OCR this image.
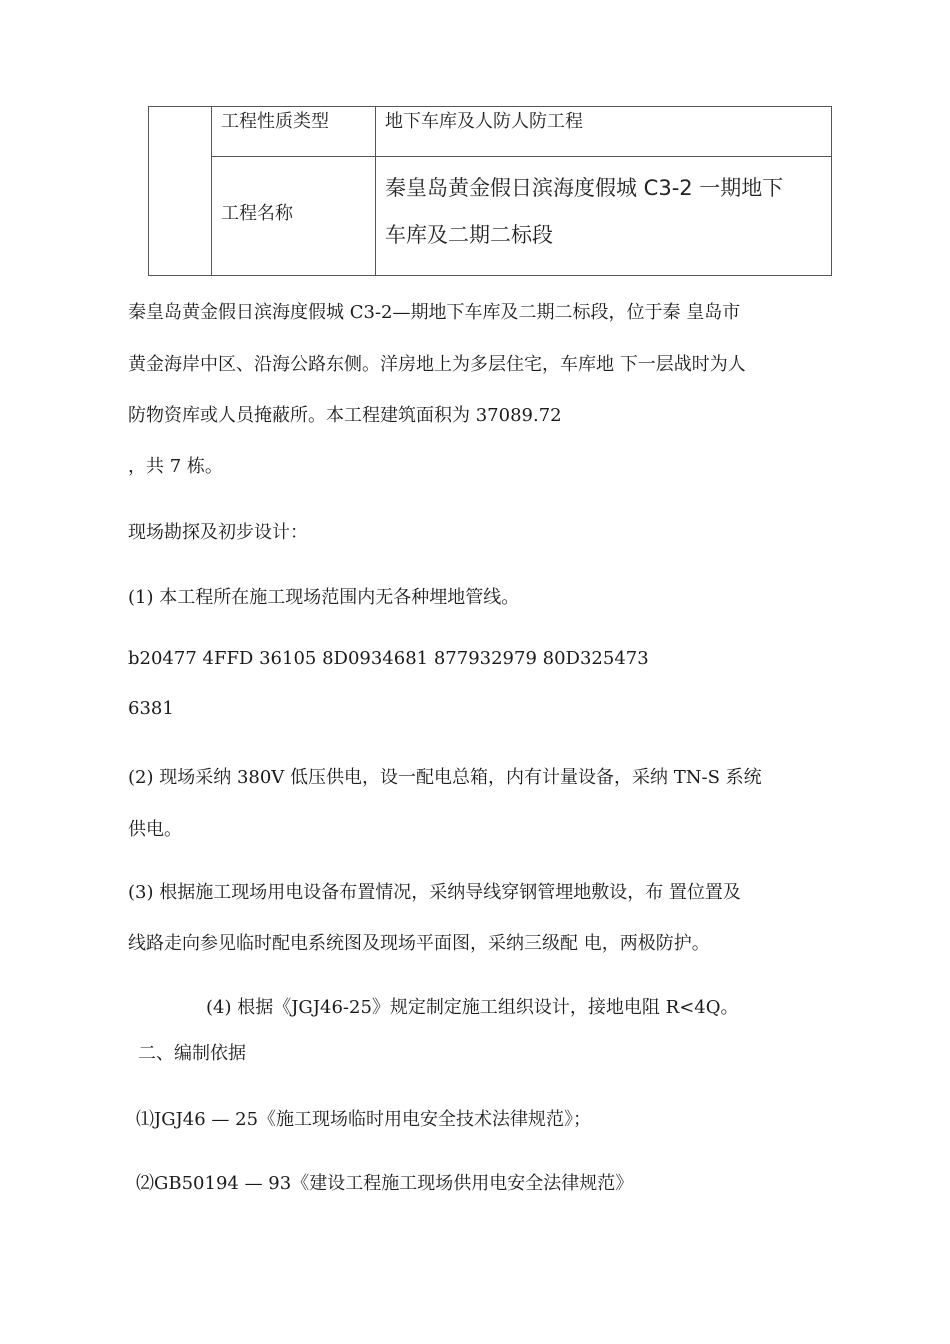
	工程性质类型	地下车库及人防人防工程
	工程名称	秦皇岛黄金假日滨海度假城 C3-2 一期地下
车库及二期二标段
秦皇岛黄金假日滨海度假城 C3-2—期地下车库及二期二标段，位于秦 皇岛市
黄金海岸中区、沿海公路东侧。洋房地上为多层住宅，车库地 下一层战时为人
防物资库或人员掩蔽所。本工程建筑面积为 37089.72
，共 7 栋。
现场勘探及初步设计：
(1) 本工程所在施工现场范围内无各种埋地管线。
b20477 4FFD 36105 8D0934681 877932979 80D325473
6381
(2) 现场采纳 380V 低压供电，设一配电总箱，内有计量设备，采纳 TN-S 系统
供电。
(3) 根据施工现场用电设备布置情况，采纳导线穿钢管埋地敷设，布 置位置及
线路走向参见临时配电系统图及现场平面图，采纳三级配 电，两极防护。
(4) 根据《JGJ46-25》规定制定施工组织设计，接地电阻 R<4Q。
二、编制依据
⑴JGJ46 — 25《施工现场临时用电安全技术法律规范》；
⑵GB50194 — 93《建设工程施工现场供用电安全法律规范》
